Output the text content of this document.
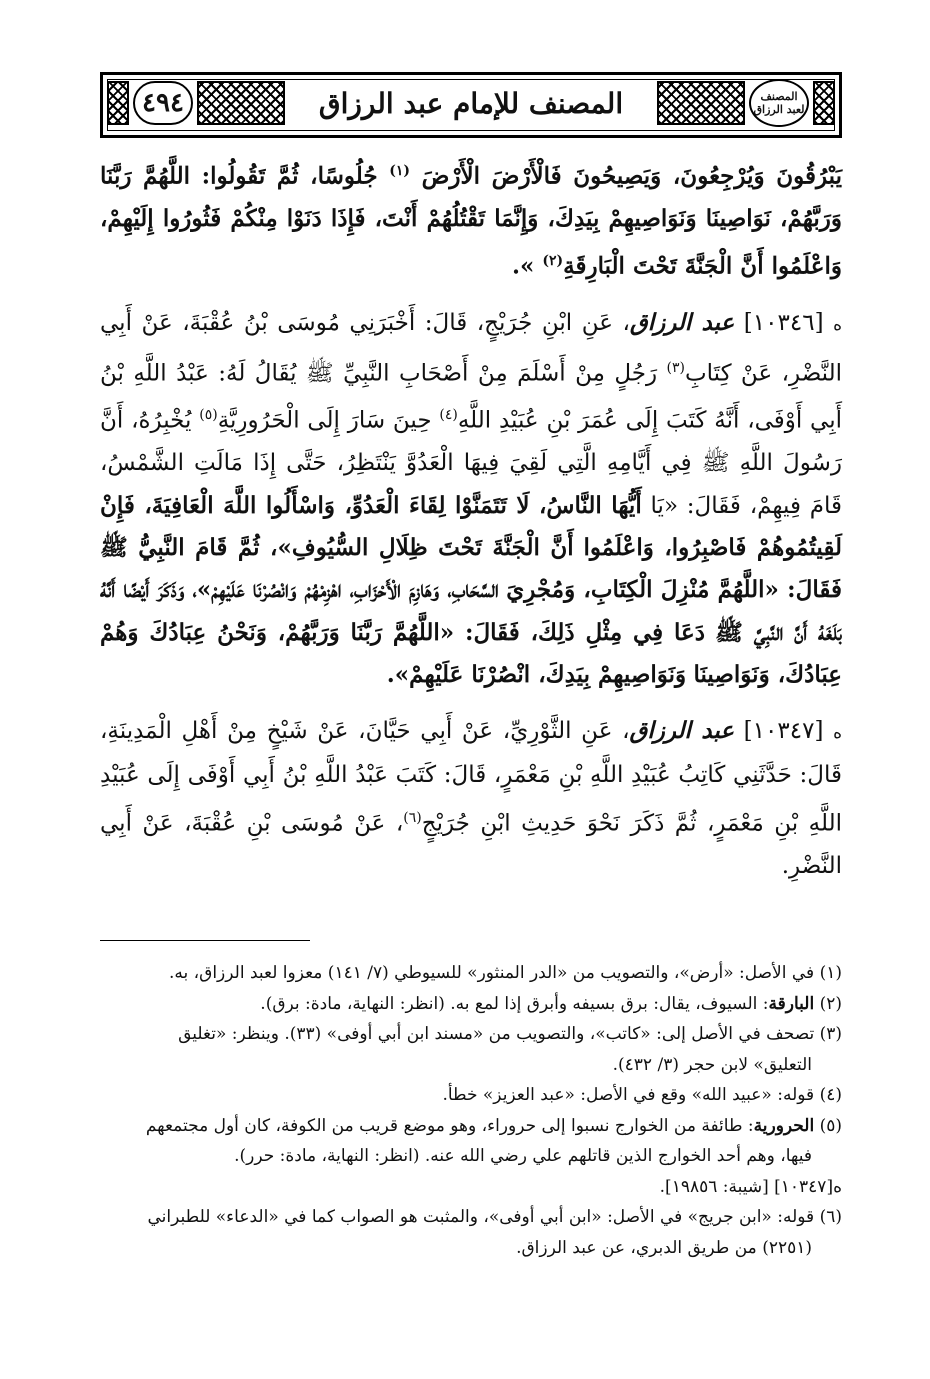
٤٩٤	المصنف للإمام عبد الرزاق	المصنف
لعبد الرزاق

يَبْرُقُونَ وَيُرْجِعُونَ، وَيَصِيحُونَ فَالْأَرْضَ الْأَرْضَ $^{(١)}$ جُلُوسًا، ثُمَّ تَقُولُوا: اللَّهُمَّ رَبَّنَا وَرَبَّهُمْ، نَوَاصِينَا وَنَوَاصِيهِمْ بِيَدِكَ، وَإِنَّمَا تَقْتُلُهُمْ أَنْتَ، فَإِذَا دَنَوْا مِنْكُمْ فَثُورُوا إِلَيْهِمْ، وَاعْلَمُوا أَنَّ الْجَنَّةَ تَحْتَ الْبَارِقَةِ$^{(٢)}$ ».

ه [١٠٣٤٦] عبد الرزاق، عَنِ ابْنِ جُرَيْجٍ، قَالَ: أَخْبَرَنِي مُوسَى بْنُ عُقْبَةَ، عَنْ أَبِي النَّضْرِ، عَنْ كِتَابِ$^{(٣)}$ رَجُلٍ مِنْ أَسْلَمَ مِنْ أَصْحَابِ النَّبِيِّ ﷺ يُقَالُ لَهُ: عَبْدُ اللَّهِ بْنُ أَبِي أَوْفَى، أَنَّهُ كَتَبَ إِلَى عُمَرَ بْنِ عُبَيْدِ اللَّهِ$^{(٤)}$ حِينَ سَارَ إِلَى الْحَرُورِيَّةِ$^{(٥)}$ يُخْبِرُهُ، أَنَّ رَسُولَ اللَّهِ ﷺ فِي أَيَّامِهِ الَّتِي لَقِيَ فِيهَا الْعَدُوَّ يَنْتَظِرُ، حَتَّى إِذَا مَالَتِ الشَّمْسُ، قَامَ فِيهِمْ، فَقَالَ: «يَا أَيُّهَا النَّاسُ، لَا تَتَمَنَّوْا لِقَاءَ الْعَدُوِّ، وَاسْأَلُوا اللَّهَ الْعَافِيَةَ، فَإِنْ لَقِيتُمُوهُمْ فَاصْبِرُوا، وَاعْلَمُوا أَنَّ الْجَنَّةَ تَحْتَ ظِلَالِ السُّيُوفِ»، ثُمَّ قَامَ النَّبِيُّ ﷺ فَقَالَ: «اللَّهُمَّ مُنْزِلَ الْكِتَابِ، وَمُجْرِيَ السَّحَابِ، وَهَازِمَ الْأَحْزَابِ، اهْزِمْهُمْ وَانْصُرْنَا عَلَيْهِمْ»، وَذَكَرَ أَيْضًا أَنَّهُ بَلَغَهُ أَنَّ النَّبِيَّ ﷺ دَعَا فِي مِثْلِ ذَلِكَ، فَقَالَ: «اللَّهُمَّ رَبَّنَا وَرَبَّهُمْ، وَنَحْنُ عِبَادُكَ وَهُمْ عِبَادُكَ، وَنَوَاصِينَا وَنَوَاصِيهِمْ بِيَدِكَ، انْصُرْنَا عَلَيْهِمْ».

ه [١٠٣٤٧] عبد الرزاق، عَنِ الثَّوْرِيِّ، عَنْ أَبِي حَيَّانَ، عَنْ شَيْخٍ مِنْ أَهْلِ الْمَدِينَةِ، قَالَ: حَدَّثَنِي كَاتِبُ عُبَيْدِ اللَّهِ بْنِ مَعْمَرٍ، قَالَ: كَتَبَ عَبْدُ اللَّهِ بْنُ أَبِي أَوْفَى إِلَى عُبَيْدِ اللَّهِ بْنِ مَعْمَرٍ، ثُمَّ ذَكَرَ نَحْوَ حَدِيثِ ابْنِ جُرَيْجٍ$^{(٦)}$، عَنْ مُوسَى بْنِ عُقْبَةَ، عَنْ أَبِي النَّضْرِ.

(١) في الأصل: «أرض»، والتصويب من «الدر المنثور» للسيوطي (٧/ ١٤١) معزوا لعبد الرزاق، به.

(٢) البارقة: السيوف، يقال: برق بسيفه وأبرق إذا لمع به. (انظر: النهاية، مادة: برق).

(٣) تصحف في الأصل إلى: «كاتب»، والتصويب من «مسند ابن أبي أوفى» (٣٣). وينظر: «تغليق

التعليق» لابن حجر (٣/ ٤٣٢).

(٤) قوله: «عبيد الله» وقع في الأصل: «عبد العزيز» خطأ.

(٥) الحرورية: طائفة من الخوارج نسبوا إلى حروراء، وهو موضع قريب من الكوفة، كان أول مجتمعهم

فيها، وهم أحد الخوارج الذين قاتلهم علي رضي الله عنه. (انظر: النهاية، مادة: حرر).

ه[١٠٣٤٧] [شيبة: ١٩٨٥٦].

(٦) قوله: «ابن جريج» في الأصل: «ابن أبي أوفى»، والمثبت هو الصواب كما في «الدعاء» للطبراني

(٢٢٥١) من طريق الدبري، عن عبد الرزاق.
